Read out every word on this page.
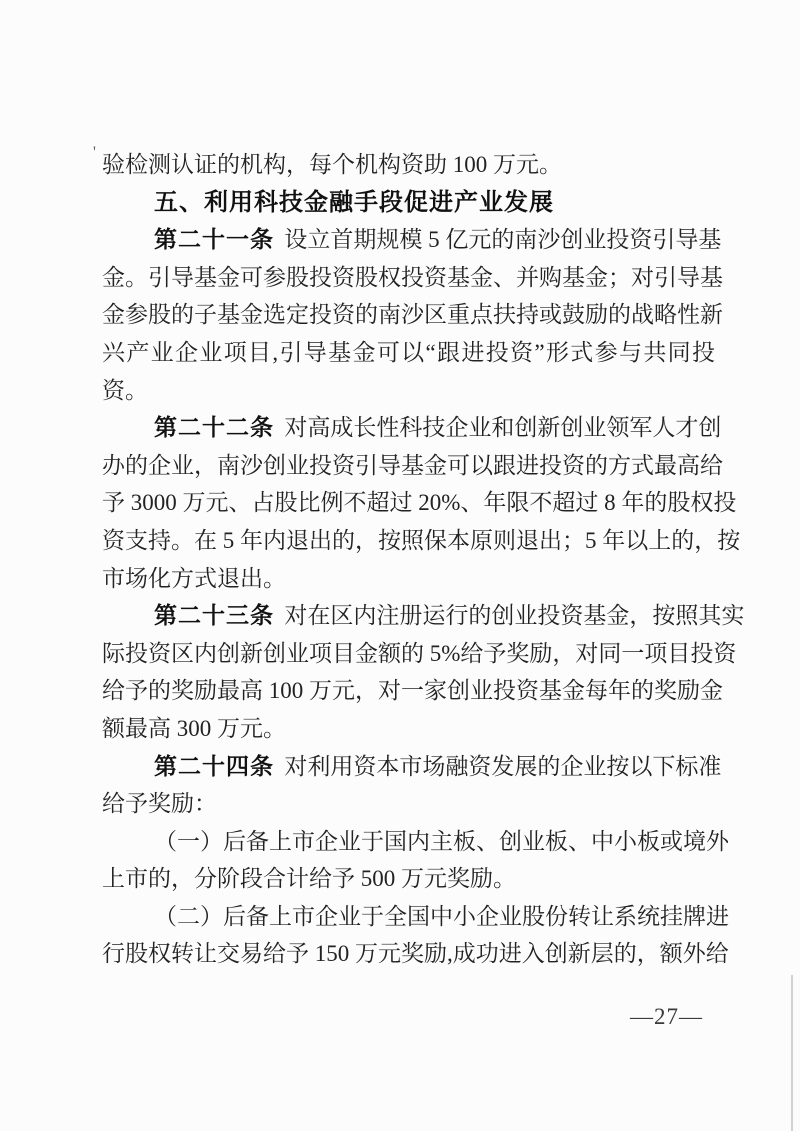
' 验检测认证的机构，每个机构资助 100 万元。
五、利用科技金融手段促进产业发展
第二十一条 设立首期规模 5 亿元的南沙创业投资引导基
金。引导基金可参股投资股权投资基金、并购基金；对引导基
金参股的子基金选定投资的南沙区重点扶持或鼓励的战略性新
兴产业企业项目,引导基金可以“跟进投资”形式参与共同投
资。
第二十二条 对高成长性科技企业和创新创业领军人才创
办的企业，南沙创业投资引导基金可以跟进投资的方式最高给
予 3000 万元、占股比例不超过 20%、年限不超过 8 年的股权投
资支持。在 5 年内退出的，按照保本原则退出；5 年以上的，按
市场化方式退出。
第二十三条 对在区内注册运行的创业投资基金，按照其实
际投资区内创新创业项目金额的 5%给予奖励，对同一项目投资
给予的奖励最高 100 万元，对一家创业投资基金每年的奖励金
额最高 300 万元。
第二十四条 对利用资本市场融资发展的企业按以下标准
给予奖励：
（一）后备上市企业于国内主板、创业板、中小板或境外
上市的，分阶段合计给予 500 万元奖励。
（二）后备上市企业于全国中小企业股份转让系统挂牌进
行股权转让交易给予 150 万元奖励,成功进入创新层的，额外给
—27—
